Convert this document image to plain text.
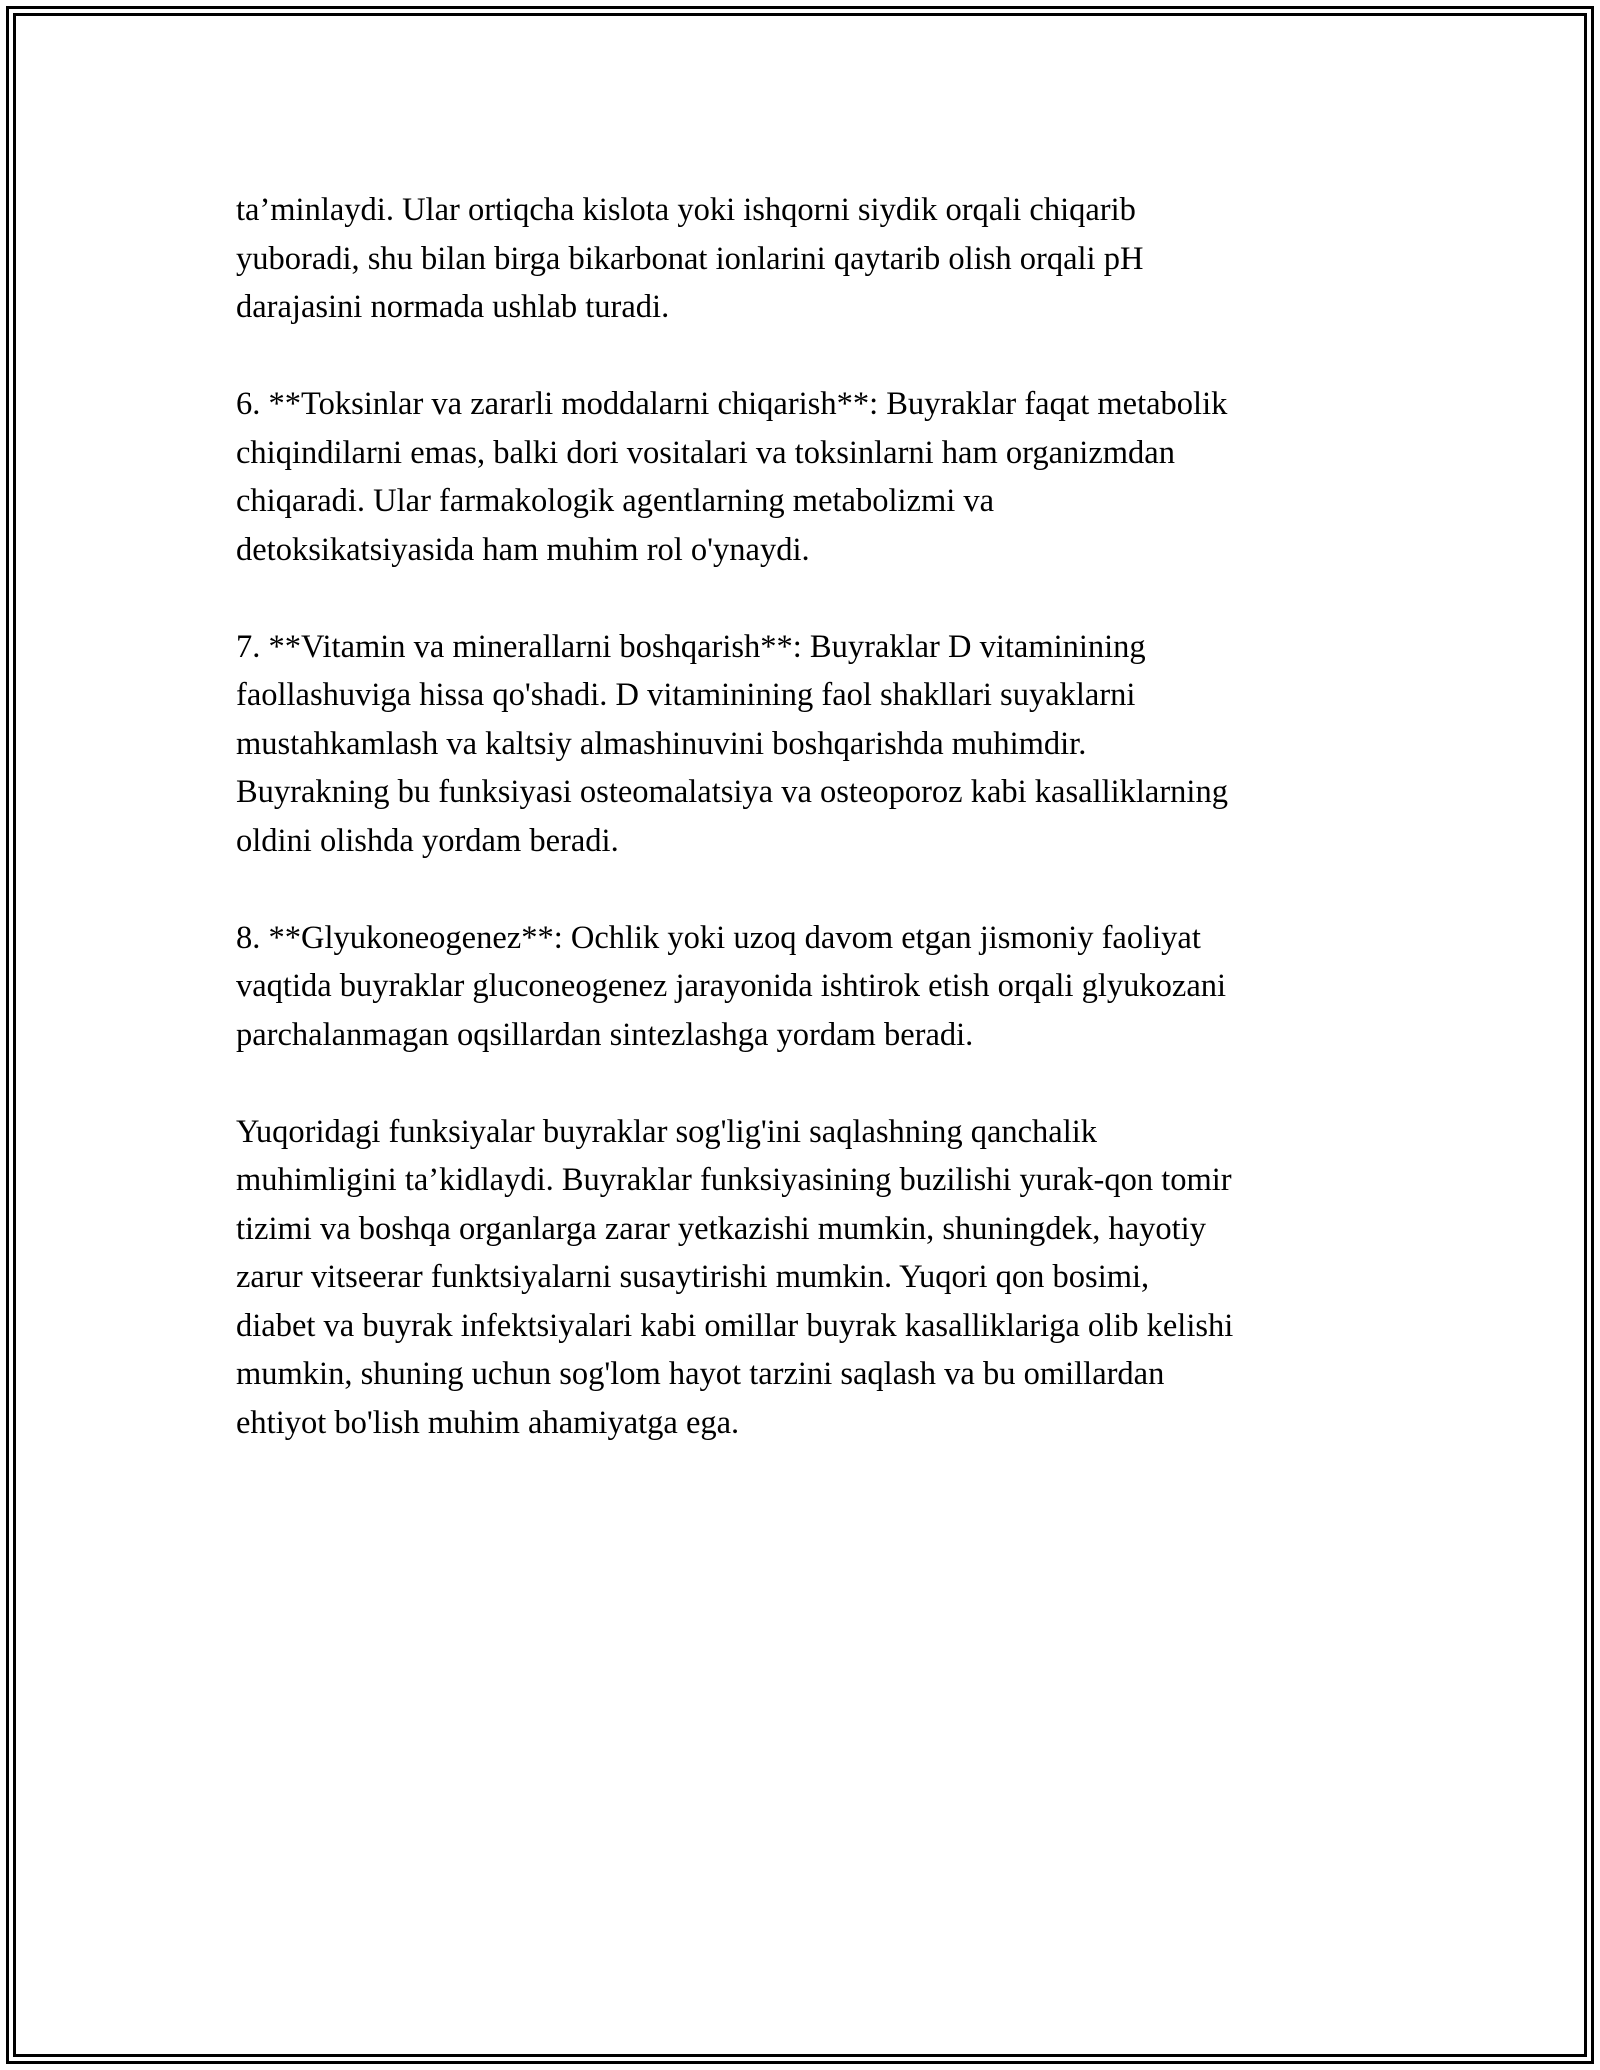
ta’minlaydi. Ular ortiqcha kislota yoki ishqorni siydik orqali chiqarib
yuboradi, shu bilan birga bikarbonat ionlarini qaytarib olish orqali pH
darajasini normada ushlab turadi.

6. **Toksinlar va zararli moddalarni chiqarish**: Buyraklar faqat metabolik
chiqindilarni emas, balki dori vositalari va toksinlarni ham organizmdan
chiqaradi. Ular farmakologik agentlarning metabolizmi va
detoksikatsiyasida ham muhim rol o'ynaydi.

7. **Vitamin va minerallarni boshqarish**: Buyraklar D vitaminining
faollashuviga hissa qo'shadi. D vitaminining faol shakllari suyaklarni
mustahkamlash va kaltsiy almashinuvini boshqarishda muhimdir.
Buyrakning bu funksiyasi osteomalatsiya va osteoporoz kabi kasalliklarning
oldini olishda yordam beradi.

8. **Glyukoneogenez**: Ochlik yoki uzoq davom etgan jismoniy faoliyat
vaqtida buyraklar gluconeogenez jarayonida ishtirok etish orqali glyukozani
parchalanmagan oqsillardan sintezlashga yordam beradi.

Yuqoridagi funksiyalar buyraklar sog'lig'ini saqlashning qanchalik
muhimligini ta’kidlaydi. Buyraklar funksiyasining buzilishi yurak-qon tomir
tizimi va boshqa organlarga zarar yetkazishi mumkin, shuningdek, hayotiy
zarur vitseerar funktsiyalarni susaytirishi mumkin. Yuqori qon bosimi,
diabet va buyrak infektsiyalari kabi omillar buyrak kasalliklariga olib kelishi
mumkin, shuning uchun sog'lom hayot tarzini saqlash va bu omillardan
ehtiyot bo'lish muhim ahamiyatga ega.
